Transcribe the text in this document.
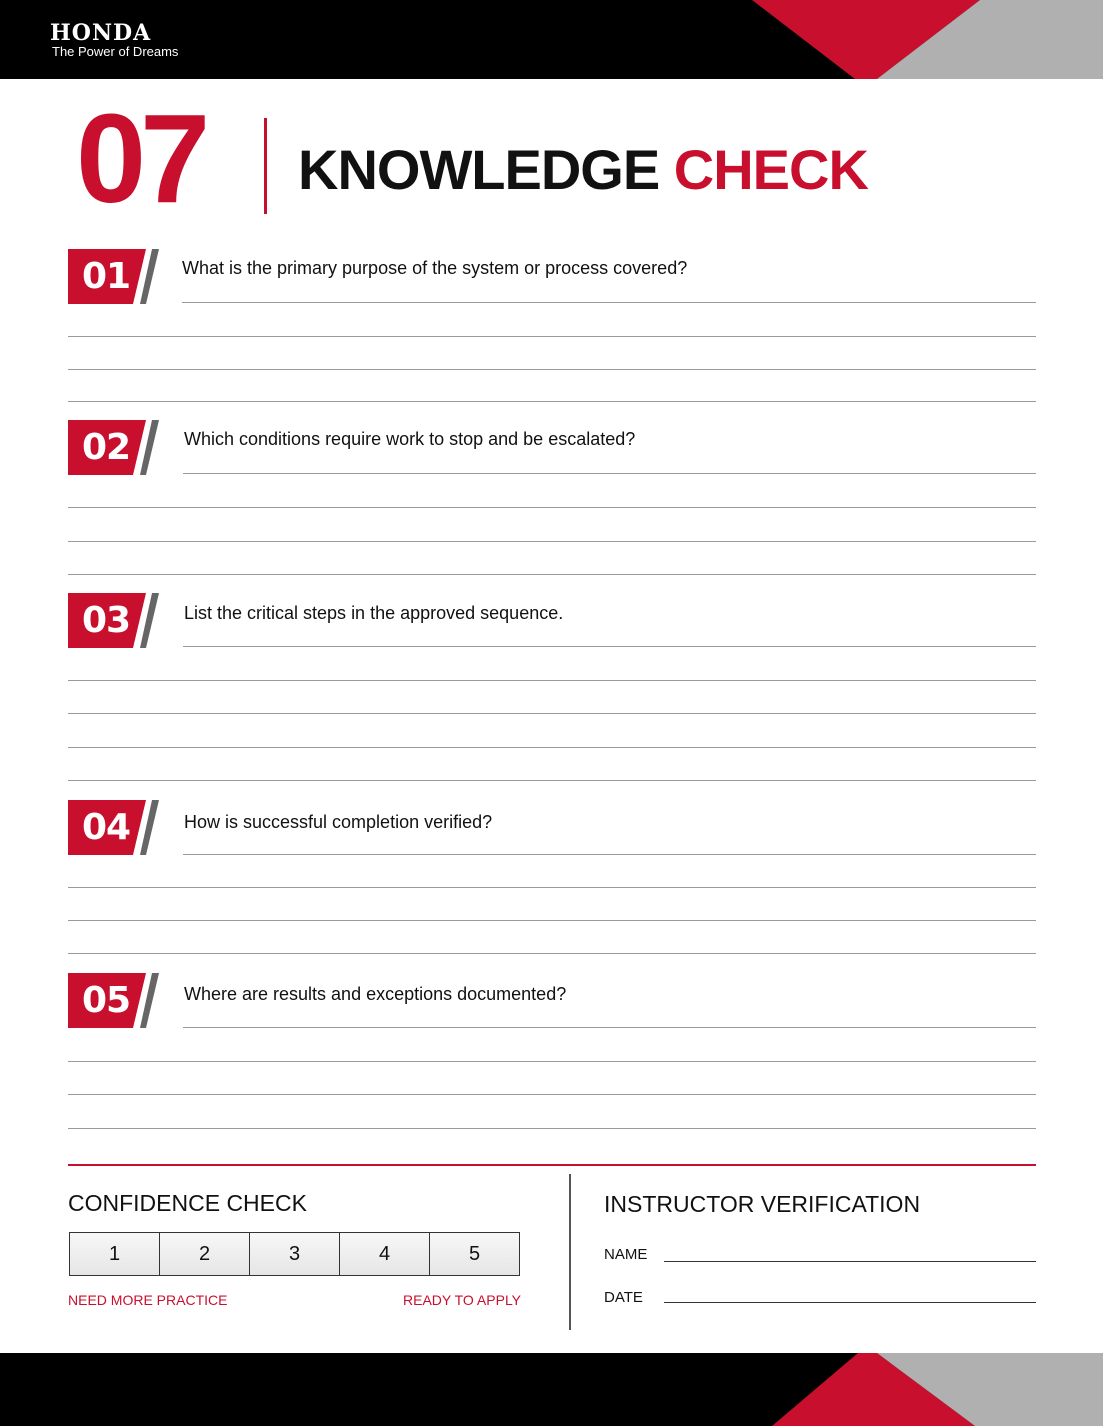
HONDA
The Power of Dreams
07 KNOWLEDGE CHECK
01	What is the primary purpose of the system or process covered?
02	Which conditions require work to stop and be escalated?
03	List the critical steps in the approved sequence.
04	How is successful completion verified?
05	Where are results and exceptions documented?
CONFIDENCE CHECK
1	2	3	4	5
NEED MORE PRACTICE	READY TO APPLY
INSTRUCTOR VERIFICATION
NAME
DATE
